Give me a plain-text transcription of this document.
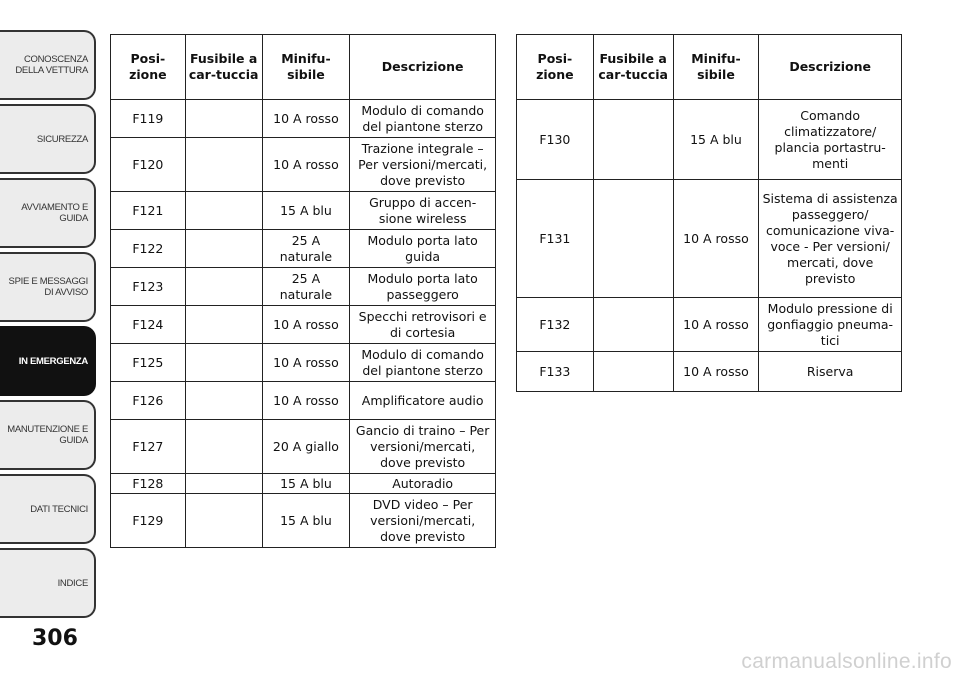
CONOSCENZA DELLA VETTURA
SICUREZZA
AVVIAMENTO E GUIDA
SPIE E MESSAGGI DI AVVISO
IN EMERGENZA
MANUTENZIONE E GUIDA
DATI TECNICI
INDICE
306
Posi-zione	Fusibile a car-tuccia	Minifu-sibile	Descrizione
F119		10 A rosso	Modulo di comando del piantone sterzo
F120		10 A rosso	Trazione integrale – Per versioni/mercati, dove previsto
F121		15 A blu	Gruppo di accen-sione wireless
F122		25 A naturale	Modulo porta lato guida
F123		25 A naturale	Modulo porta lato passeggero
F124		10 A rosso	Specchi retrovisori e di cortesia
F125		10 A rosso	Modulo di comando del piantone sterzo
F126		10 A rosso	Amplificatore audio
F127		20 A giallo	Gancio di traino – Per versioni/mercati, dove previsto
F128		15 A blu	Autoradio
F129		15 A blu	DVD video – Per versioni/mercati, dove previsto
Posi-zione	Fusibile a car-tuccia	Minifu-sibile	Descrizione
F130		15 A blu	Comando climatizzatore/ plancia portastru-menti
F131		10 A rosso	Sistema di assistenza passeggero/ comunicazione viva-voce - Per versioni/ mercati, dove previsto
F132		10 A rosso	Modulo pressione di gonfiaggio pneuma-tici
F133		10 A rosso	Riserva
carmanualsonline.info
